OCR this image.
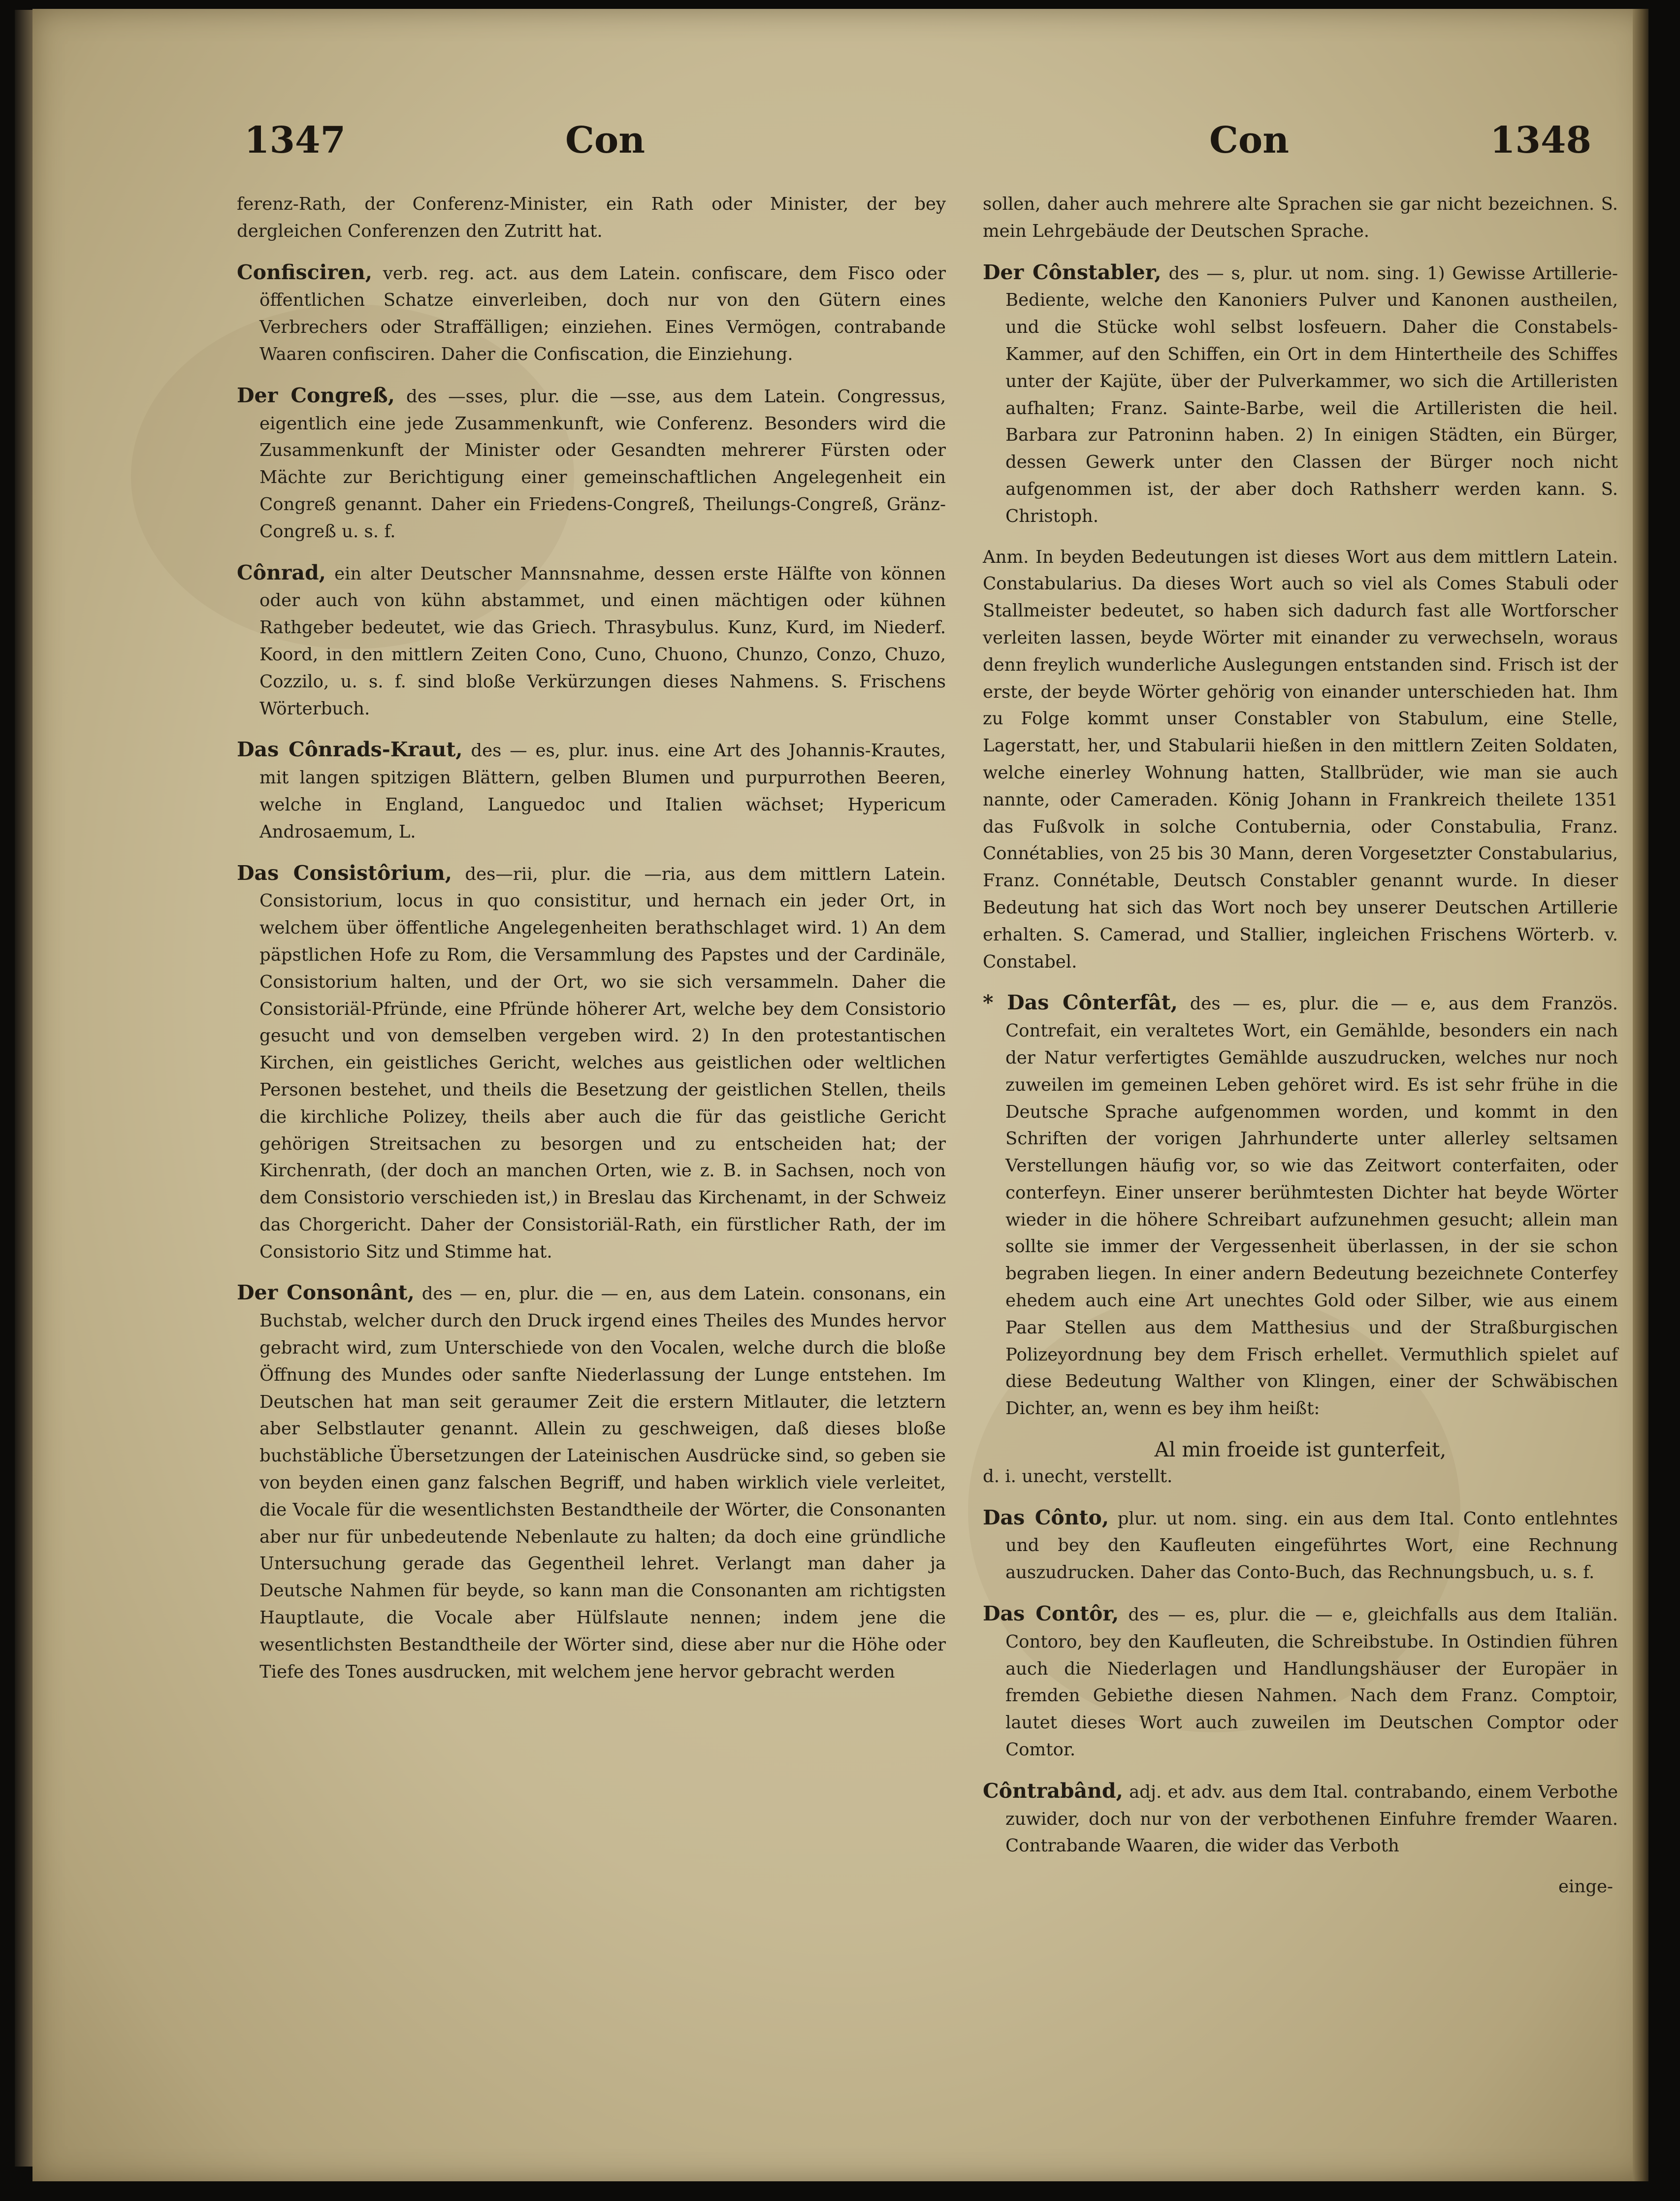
1347	Con	Con	1348

ferenz-Rath, der Conferenz-Minister, ein Rath oder Minister, der bey dergleichen Conferenzen den Zutritt hat.

Confisciren, verb. reg. act. aus dem Latein. confiscare, dem Fisco oder öffentlichen Schatze einverleiben, doch nur von den Gütern eines Verbrechers oder Straffälligen; einziehen. Eines Vermögen, contrabande Waaren confisciren. Daher die Confiscation, die Einziehung.

Der Congreß, des —sses, plur. die —sse, aus dem Latein. Congressus, eigentlich eine jede Zusammenkunft, wie Conferenz. Besonders wird die Zusammenkunft der Minister oder Gesandten mehrerer Fürsten oder Mächte zur Berichtigung einer gemeinschaftlichen Angelegenheit ein Congreß genannt. Daher ein Friedens-Congreß, Theilungs-Congreß, Gränz-Congreß u. s. f.

Cônrad, ein alter Deutscher Mannsnahme, dessen erste Hälfte von können oder auch von kühn abstammet, und einen mächtigen oder kühnen Rathgeber bedeutet, wie das Griech. Thrasybulus. Kunz, Kurd, im Niederf. Koord, in den mittlern Zeiten Cono, Cuno, Chuono, Chunzo, Conzo, Chuzo, Cozzilo, u. s. f. sind bloße Verkürzungen dieses Nahmens. S. Frischens Wörterbuch.

Das Cônrads-Kraut, des — es, plur. inus. eine Art des Johannis-Krautes, mit langen spitzigen Blättern, gelben Blumen und purpurrothen Beeren, welche in England, Languedoc und Italien wächset; Hypericum Androsaemum, L.

Das Consistôrium, des—rii, plur. die —ria, aus dem mittlern Latein. Consistorium, locus in quo consistitur, und hernach ein jeder Ort, in welchem über öffentliche Angelegenheiten berathschlaget wird. 1) An dem päpstlichen Hofe zu Rom, die Versammlung des Papstes und der Cardinäle, Consistorium halten, und der Ort, wo sie sich versammeln. Daher die Consistoriäl-Pfründe, eine Pfründe höherer Art, welche bey dem Consistorio gesucht und von demselben vergeben wird. 2) In den protestantischen Kirchen, ein geistliches Gericht, welches aus geistlichen oder weltlichen Personen bestehet, und theils die Besetzung der geistlichen Stellen, theils die kirchliche Polizey, theils aber auch die für das geistliche Gericht gehörigen Streitsachen zu besorgen und zu entscheiden hat; der Kirchenrath, (der doch an manchen Orten, wie z. B. in Sachsen, noch von dem Consistorio verschieden ist,) in Breslau das Kirchenamt, in der Schweiz das Chorgericht. Daher der Consistoriäl-Rath, ein fürstlicher Rath, der im Consistorio Sitz und Stimme hat.

Der Consonânt, des — en, plur. die — en, aus dem Latein. consonans, ein Buchstab, welcher durch den Druck irgend eines Theiles des Mundes hervor gebracht wird, zum Unterschiede von den Vocalen, welche durch die bloße Öffnung des Mundes oder sanfte Niederlassung der Lunge entstehen. Im Deutschen hat man seit geraumer Zeit die erstern Mitlauter, die letztern aber Selbstlauter genannt. Allein zu geschweigen, daß dieses bloße buchstäbliche Übersetzungen der Lateinischen Ausdrücke sind, so geben sie von beyden einen ganz falschen Begriff, und haben wirklich viele verleitet, die Vocale für die wesentlichsten Bestandtheile der Wörter, die Consonanten aber nur für unbedeutende Nebenlaute zu halten; da doch eine gründliche Untersuchung gerade das Gegentheil lehret. Verlangt man daher ja Deutsche Nahmen für beyde, so kann man die Consonanten am richtigsten Hauptlaute, die Vocale aber Hülfslaute nennen; indem jene die wesentlichsten Bestandtheile der Wörter sind, diese aber nur die Höhe oder Tiefe des Tones ausdrucken, mit welchem jene hervor gebracht werden

sollen, daher auch mehrere alte Sprachen sie gar nicht bezeichnen. S. mein Lehrgebäude der Deutschen Sprache.

Der Cônstabler, des — s, plur. ut nom. sing. 1) Gewisse Artillerie-Bediente, welche den Kanoniers Pulver und Kanonen austheilen, und die Stücke wohl selbst losfeuern. Daher die Constabels-Kammer, auf den Schiffen, ein Ort in dem Hintertheile des Schiffes unter der Kajüte, über der Pulverkammer, wo sich die Artilleristen aufhalten; Franz. Sainte-Barbe, weil die Artilleristen die heil. Barbara zur Patroninn haben. 2) In einigen Städten, ein Bürger, dessen Gewerk unter den Classen der Bürger noch nicht aufgenommen ist, der aber doch Rathsherr werden kann. S. Christoph.

Anm. In beyden Bedeutungen ist dieses Wort aus dem mittlern Latein. Constabularius. Da dieses Wort auch so viel als Comes Stabuli oder Stallmeister bedeutet, so haben sich dadurch fast alle Wortforscher verleiten lassen, beyde Wörter mit einander zu verwechseln, woraus denn freylich wunderliche Auslegungen entstanden sind. Frisch ist der erste, der beyde Wörter gehörig von einander unterschieden hat. Ihm zu Folge kommt unser Constabler von Stabulum, eine Stelle, Lagerstatt, her, und Stabularii hießen in den mittlern Zeiten Soldaten, welche einerley Wohnung hatten, Stallbrüder, wie man sie auch nannte, oder Cameraden. König Johann in Frankreich theilete 1351 das Fußvolk in solche Contubernia, oder Constabulia, Franz. Connétablies, von 25 bis 30 Mann, deren Vorgesetzter Constabularius, Franz. Connétable, Deutsch Constabler genannt wurde. In dieser Bedeutung hat sich das Wort noch bey unserer Deutschen Artillerie erhalten. S. Camerad, und Stallier, ingleichen Frischens Wörterb. v. Constabel.

* Das Cônterfât, des — es, plur. die — e, aus dem Französ. Contrefait, ein veraltetes Wort, ein Gemählde, besonders ein nach der Natur verfertigtes Gemählde auszudrucken, welches nur noch zuweilen im gemeinen Leben gehöret wird. Es ist sehr frühe in die Deutsche Sprache aufgenommen worden, und kommt in den Schriften der vorigen Jahrhunderte unter allerley seltsamen Verstellungen häufig vor, so wie das Zeitwort conterfaiten, oder conterfeyn. Einer unserer berühmtesten Dichter hat beyde Wörter wieder in die höhere Schreibart aufzunehmen gesucht; allein man sollte sie immer der Vergessenheit überlassen, in der sie schon begraben liegen. In einer andern Bedeutung bezeichnete Conterfey ehedem auch eine Art unechtes Gold oder Silber, wie aus einem Paar Stellen aus dem Matthesius und der Straßburgischen Polizeyordnung bey dem Frisch erhellet. Vermuthlich spielet auf diese Bedeutung Walther von Klingen, einer der Schwäbischen Dichter, an, wenn es bey ihm heißt:

Al min froeide ist gunterfeit,

d. i. unecht, verstellt.

Das Cônto, plur. ut nom. sing. ein aus dem Ital. Conto entlehntes und bey den Kaufleuten eingeführtes Wort, eine Rechnung auszudrucken. Daher das Conto-Buch, das Rechnungsbuch, u. s. f.

Das Contôr, des — es, plur. die — e, gleichfalls aus dem Italiän. Contoro, bey den Kaufleuten, die Schreibstube. In Ostindien führen auch die Niederlagen und Handlungshäuser der Europäer in fremden Gebiethe diesen Nahmen. Nach dem Franz. Comptoir, lautet dieses Wort auch zuweilen im Deutschen Comptor oder Comtor.

Côntrabând, adj. et adv. aus dem Ital. contrabando, einem Verbothe zuwider, doch nur von der verbothenen Einfuhre fremder Waaren. Contrabande Waaren, die wider das Verboth

einge-
